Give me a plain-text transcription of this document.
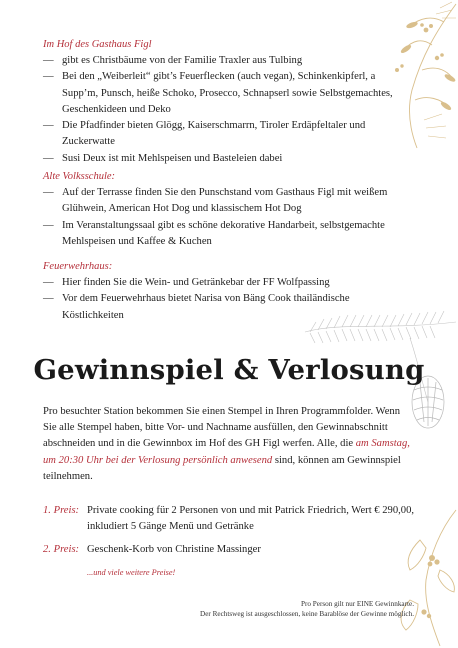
Im Hof des Gasthaus Figl
— gibt es Christbäume von der Familie Traxler aus Tulbing
— Bei den „Weiberleit“ gibt’s Feuerflecken (auch vegan), Schinkenkipferl, a Supp’m, Punsch, heiße Schoko, Prosecco, Schnapserl sowie Selbstgemachtes, Geschenkideen und Deko
— Die Pfadfinder bieten Glögg, Kaiserschmarrn, Tiroler Erdäpfeltaler und Zuckerwatte
— Susi Deux ist mit Mehlspeisen und Basteleien dabei
Alte Volksschule:
— Auf der Terrasse finden Sie den Punschstand vom Gasthaus Figl mit weißem Glühwein, American Hot Dog und klassischem Hot Dog
— Im Veranstaltungssaal gibt es schöne dekorative Handarbeit, selbstgemachte Mehlspeisen und Kaffee & Kuchen
Feuerwehrhaus:
— Hier finden Sie die Wein- und Getränkebar der FF Wolfpassing
— Vor dem Feuerwehrhaus bietet Narisa von Bäng Cook thailändische Köstlichkeiten
Gewinnspiel & Verlosung
Pro besuchter Station bekommen Sie einen Stempel in Ihren Programmfolder. Wenn Sie alle Stempel haben, bitte Vor- und Nachname ausfüllen, den Gewinnabschnitt abschneiden und in die Gewinnbox im Hof des GH Figl werfen. Alle, die am Samstag, um 20:30 Uhr bei der Verlosung persönlich anwesend sind, können am Gewinnspiel teilnehmen.
1. Preis: Private cooking für 2 Personen von und mit Patrick Friedrich, Wert € 290,00, inkludiert 5 Gänge Menü und Getränke
2. Preis: Geschenk-Korb von Christine Massinger
...und viele weitere Preise!
Pro Person gilt nur EINE Gewinnkarte.
Der Rechtsweg ist ausgeschlossen, keine Barablöse der Gewinne möglich.
